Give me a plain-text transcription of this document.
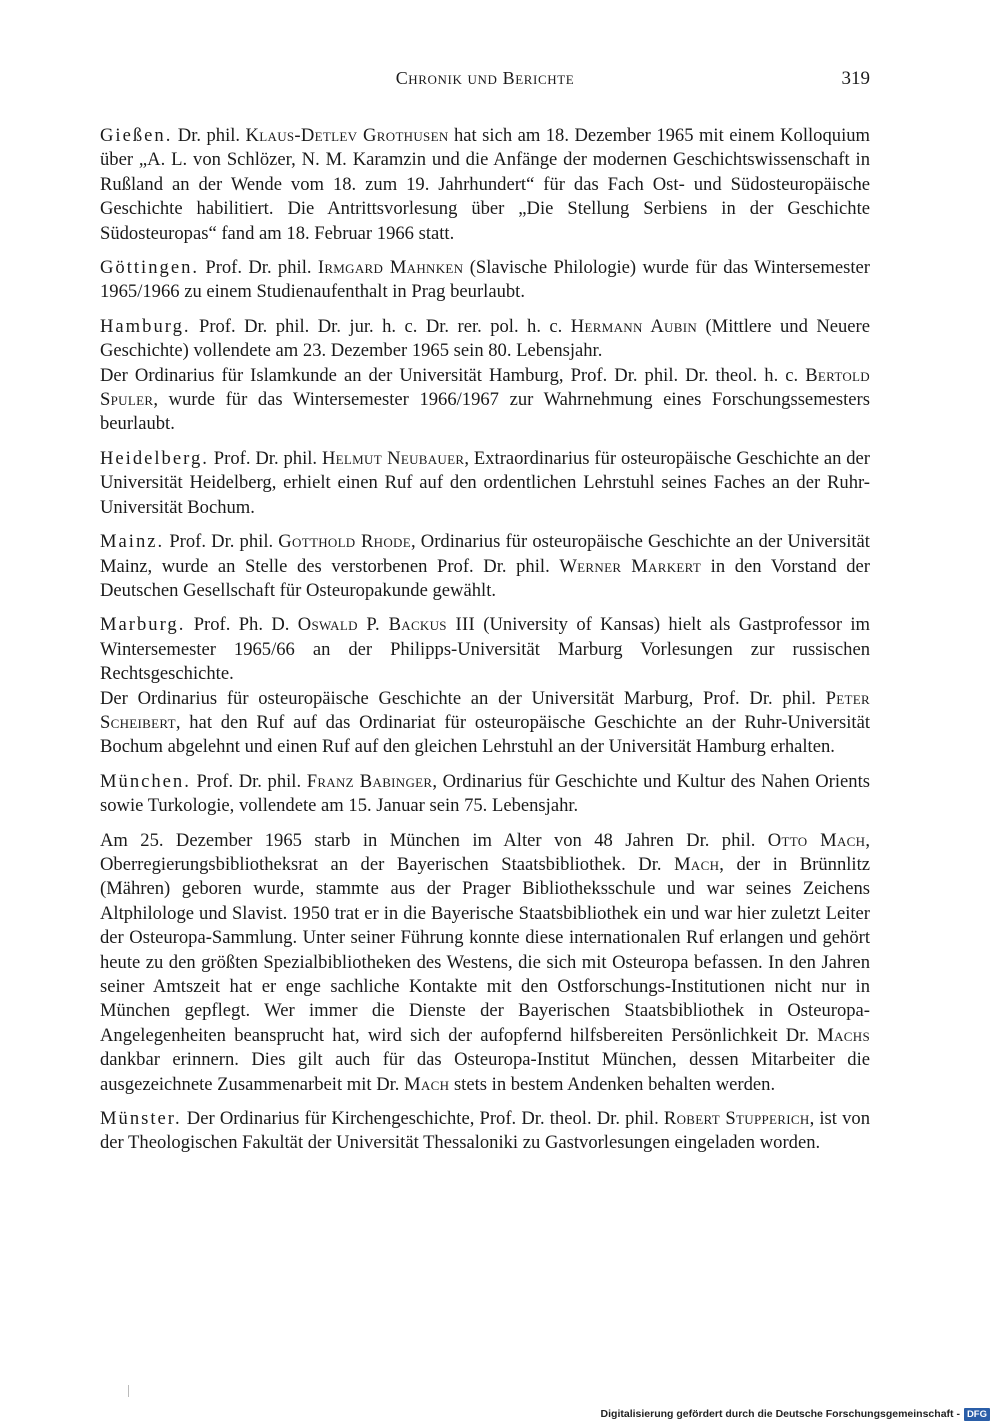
Chronik und Berichte	319

Gießen. Dr. phil. Klaus-Detlev Grothusen hat sich am 18. Dezember 1965 mit einem Kolloquium über „A. L. von Schlözer, N. M. Karamzin und die Anfänge der modernen Geschichtswissenschaft in Rußland an der Wende vom 18. zum 19. Jahrhundert“ für das Fach Ost- und Südosteuropäische Geschichte habilitiert. Die Antrittsvorlesung über „Die Stellung Serbiens in der Geschichte Südosteuropas“ fand am 18. Februar 1966 statt.

Göttingen. Prof. Dr. phil. Irmgard Mahnken (Slavische Philologie) wurde für das Wintersemester 1965/1966 zu einem Studienaufenthalt in Prag beurlaubt.

Hamburg. Prof. Dr. phil. Dr. jur. h. c. Dr. rer. pol. h. c. Hermann Aubin (Mittlere und Neuere Geschichte) vollendete am 23. Dezember 1965 sein 80. Lebensjahr.

Der Ordinarius für Islamkunde an der Universität Hamburg, Prof. Dr. phil. Dr. theol. h. c. Bertold Spuler, wurde für das Wintersemester 1966/1967 zur Wahrnehmung eines Forschungssemesters beurlaubt.

Heidelberg. Prof. Dr. phil. Helmut Neubauer, Extraordinarius für osteuropäische Geschichte an der Universität Heidelberg, erhielt einen Ruf auf den ordentlichen Lehrstuhl seines Faches an der Ruhr-Universität Bochum.

Mainz. Prof. Dr. phil. Gotthold Rhode, Ordinarius für osteuropäische Geschichte an der Universität Mainz, wurde an Stelle des verstorbenen Prof. Dr. phil. Werner Markert in den Vorstand der Deutschen Gesellschaft für Osteuropakunde gewählt.

Marburg. Prof. Ph. D. Oswald P. Backus III (University of Kansas) hielt als Gastprofessor im Wintersemester 1965/66 an der Philipps-Universität Marburg Vorlesungen zur russischen Rechtsgeschichte.

Der Ordinarius für osteuropäische Geschichte an der Universität Marburg, Prof. Dr. phil. Peter Scheibert, hat den Ruf auf das Ordinariat für osteuropäische Geschichte an der Ruhr-Universität Bochum abgelehnt und einen Ruf auf den gleichen Lehrstuhl an der Universität Hamburg erhalten.

München. Prof. Dr. phil. Franz Babinger, Ordinarius für Geschichte und Kultur des Nahen Orients sowie Turkologie, vollendete am 15. Januar sein 75. Lebensjahr.

Am 25. Dezember 1965 starb in München im Alter von 48 Jahren Dr. phil. Otto Mach, Oberregierungsbibliotheksrat an der Bayerischen Staatsbibliothek. Dr. Mach, der in Brünnlitz (Mähren) geboren wurde, stammte aus der Prager Bibliotheksschule und war seines Zeichens Altphilologe und Slavist. 1950 trat er in die Bayerische Staatsbibliothek ein und war hier zuletzt Leiter der Osteuropa-Sammlung. Unter seiner Führung konnte diese internationalen Ruf erlangen und gehört heute zu den größten Spezialbibliotheken des Westens, die sich mit Osteuropa befassen. In den Jahren seiner Amtszeit hat er enge sachliche Kontakte mit den Ostforschungs-Institutionen nicht nur in München gepflegt. Wer immer die Dienste der Bayerischen Staatsbibliothek in Osteuropa-Angelegenheiten beansprucht hat, wird sich der aufopfernd hilfsbereiten Persönlichkeit Dr. Machs dankbar erinnern. Dies gilt auch für das Osteuropa-Institut München, dessen Mitarbeiter die ausgezeichnete Zusammenarbeit mit Dr. Mach stets in bestem Andenken behalten werden.

Münster. Der Ordinarius für Kirchengeschichte, Prof. Dr. theol. Dr. phil. Robert Stupperich, ist von der Theologischen Fakultät der Universität Thessaloniki zu Gastvorlesungen eingeladen worden.

Digitalisierung gefördert durch die Deutsche Forschungsgemeinschaft - DFG
